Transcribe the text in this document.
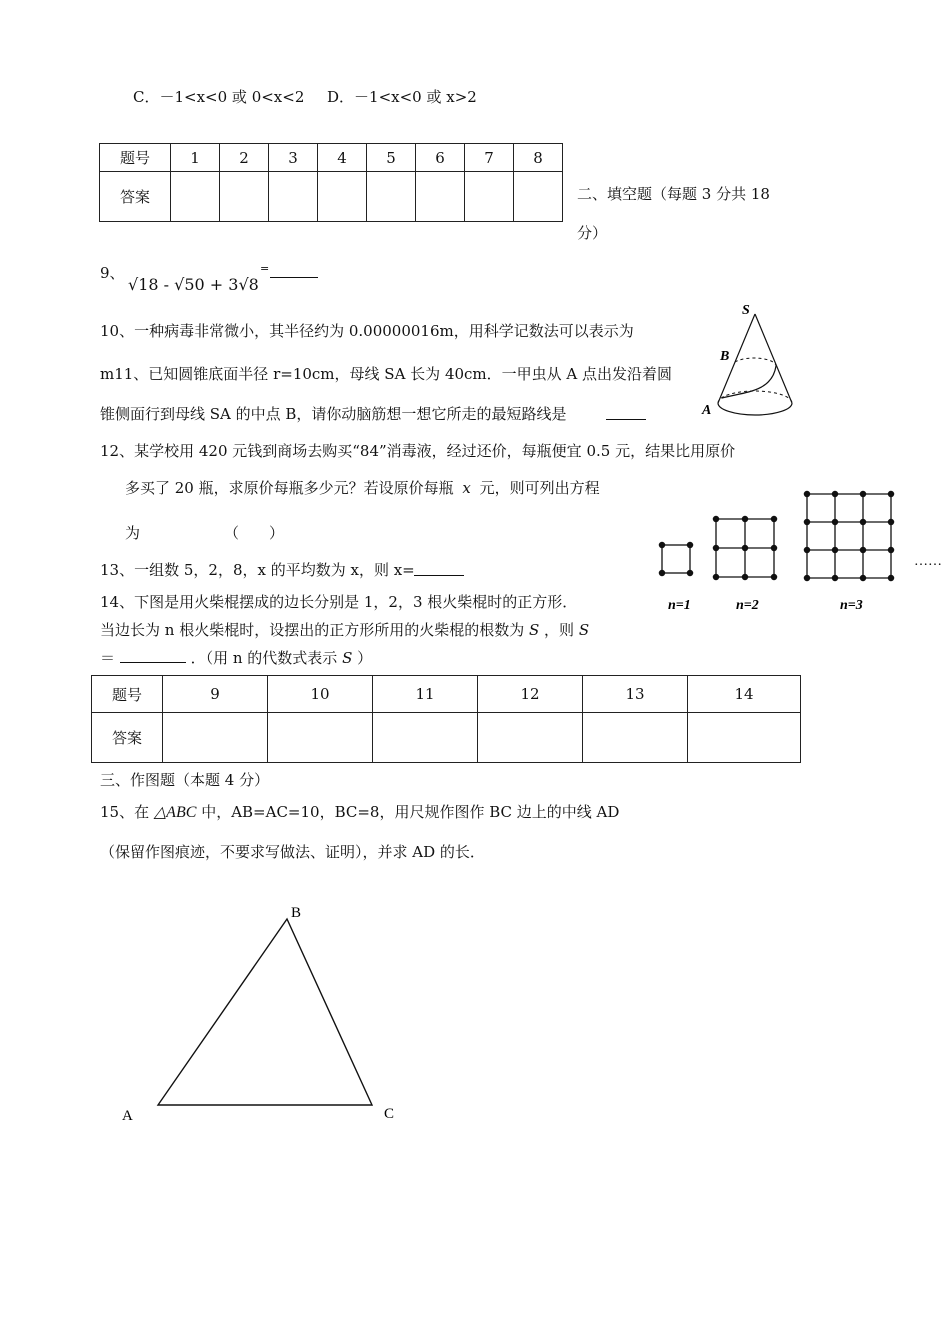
C．－1<x<0 或 0<x<2 D．－1<x<0 或 x>2
题号	1	2	3	4	5	6	7	8
答案									二、填空题（每题 3 分共 18
分）
9、
√18 - √50 + 3√8
=
10、一种病毒非常微小，其半径约为 0.00000016m，用科学记数法可以表示为
m11、已知圆锥底面半径 r=10cm，母线 SA 长为 40cm．一甲虫从 A 点出发沿着圆
锥侧面行到母线 SA 的中点 B，请你动脑筋想一想它所走的最短路线是
S
B
A
12、某学校用 420 元钱到商场去购买“84”消毒液，经过还价，每瓶便宜 0.5 元，结果比用原价
多买了 20 瓶，求原价每瓶多少元？若设原价每瓶 x 元，则可列出方程
为	（　　）
13、一组数 5，2，8，x 的平均数为 x，则 x=
14、下图是用火柴棍摆成的边长分别是 1，2，3 根火柴棍时的正方形．
当边长为 n 根火柴棍时，设摆出的正方形所用的火柴棍的根数为 S ，则 S
＝	．（用 n 的代数式表示 S ）
……
n=1	n=2	n=3
题号	9	10	11	12	13	14
答案						
三、作图题（本题 4 分）
15、在 △ABC 中，AB=AC=10，BC=8，用尺规作图作 BC 边上的中线 AD
（保留作图痕迹，不要求写做法、证明），并求 AD 的长．
B
A	C
